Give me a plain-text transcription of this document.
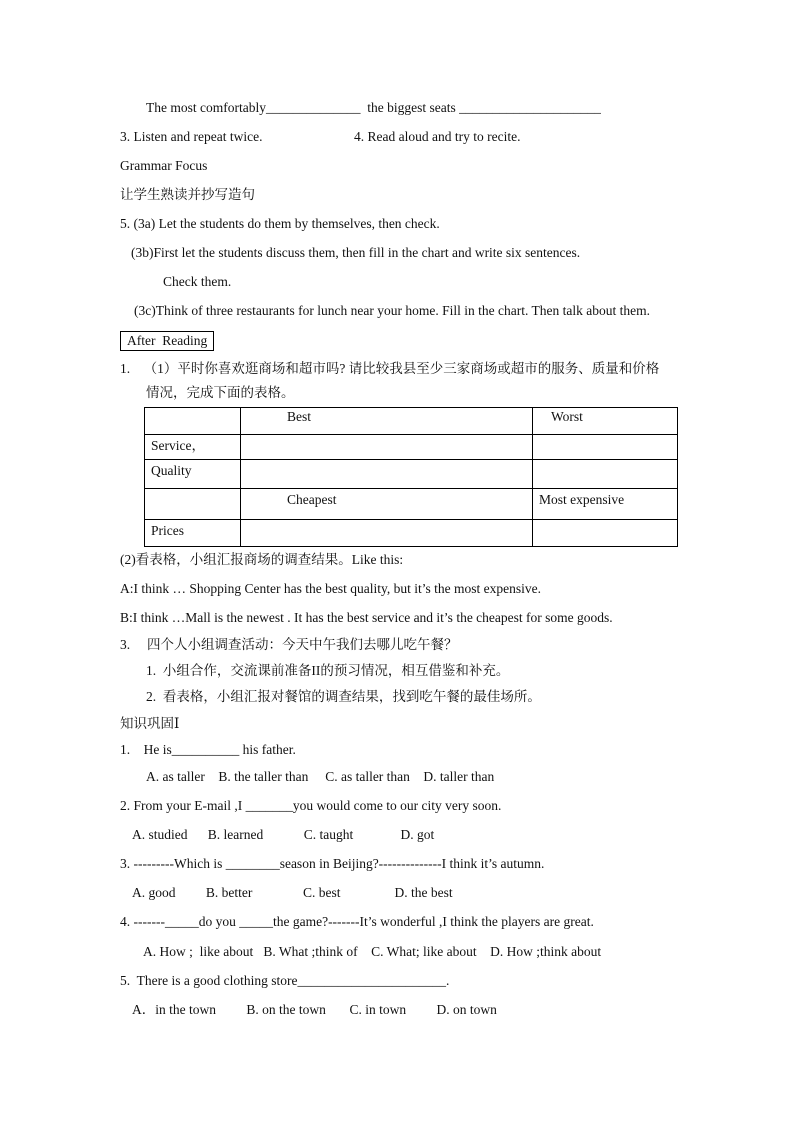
The most comfortably______________  the biggest seats _____________________
3. Listen and repeat twice.	4. Read aloud and try to recite.
Grammar Focus
让学生熟读并抄写造句
5. (3a) Let the students do them by themselves, then check.
(3b)First let the students discuss them, then fill in the chart and write six sentences.
Check them.
(3c)Think of three restaurants for lunch near your home. Fill in the chart. Then talk about them.
After  Reading
1.    （1）平时你喜欢逛商场和超市吗? 请比较我县至少三家商场或超市的服务、质量和价格
情况，完成下面的表格。
	Best	Worst
Service，		
Quality		
	Cheapest	Most expensive
Prices		
(2)看表格，小组汇报商场的调查结果。Like this:
A:I think … Shopping Center has the best quality, but it’s the most expensive.
B:I think …Mall is the newest . It has the best service and it’s the cheapest for some goods.
3.     四个人小组调查活动：今天中午我们去哪儿吃午餐？
1.  小组合作，交流课前准备II的预习情况，相互借鉴和补充。
2.  看表格，小组汇报对餐馆的调查结果，找到吃午餐的最佳场所。
知识巩固Ⅰ
1.    He is__________ his father.
A. as taller    B. the taller than     C. as taller than    D. taller than
2. From your E-mail ,I _______you would come to our city very soon.
A. studied      B. learned            C. taught              D. got
3. ---------Which is ________season in Beijing?--------------I think it’s autumn.
A. good         B. better               C. best                D. the best
4. -------_____do you _____the game?-------It’s wonderful ,I think the players are great.
A. How ;  like about   B. What ;think of    C. What; like about    D. How ;think about
5.  There is a good clothing store______________________.
A．in the town         B. on the town       C. in town         D. on town
